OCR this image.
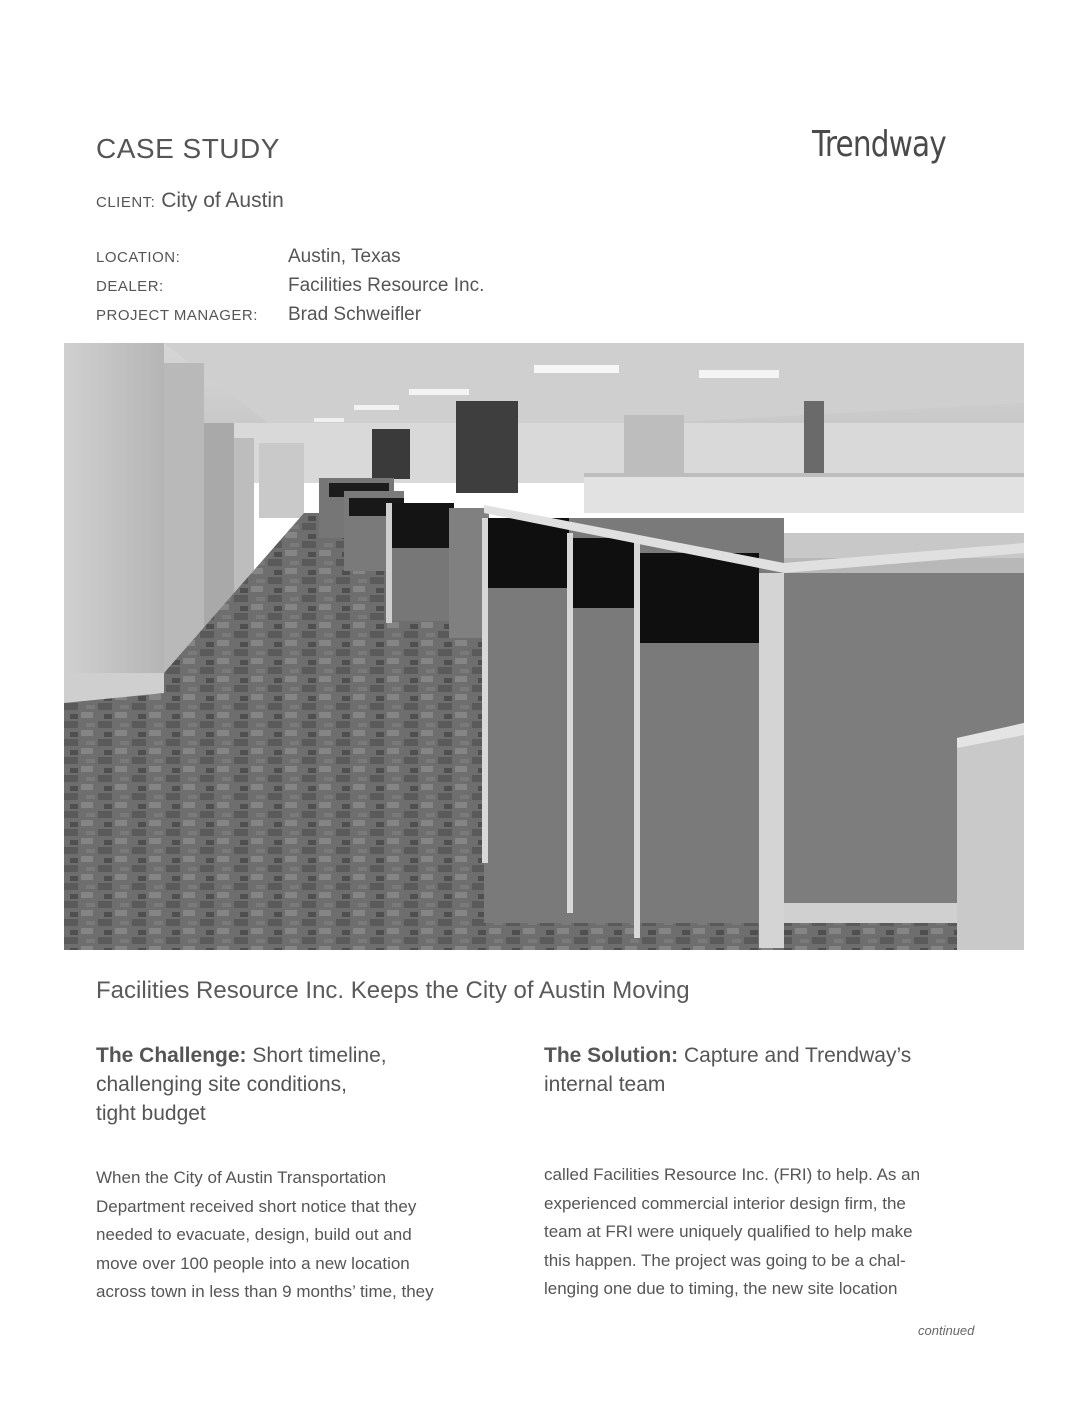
CASE STUDY	Trendway
CLIENT: City of Austin
LOCATION:	Austin, Texas
DEALER:	Facilities Resource Inc.
PROJECT MANAGER:	Brad Schweifler
Facilities Resource Inc. Keeps the City of Austin Moving
The Challenge: Short timeline,
challenging site conditions,
tight budget
The Solution: Capture and Trendway’s
internal team
When the City of Austin Transportation
Department received short notice that they
needed to evacuate, design, build out and
move over 100 people into a new location
across town in less than 9 months’ time, they
called Facilities Resource Inc. (FRI) to help. As an
experienced commercial interior design firm, the
team at FRI were uniquely qualified to help make
this happen. The project was going to be a chal-
lenging one due to timing, the new site location
continued
